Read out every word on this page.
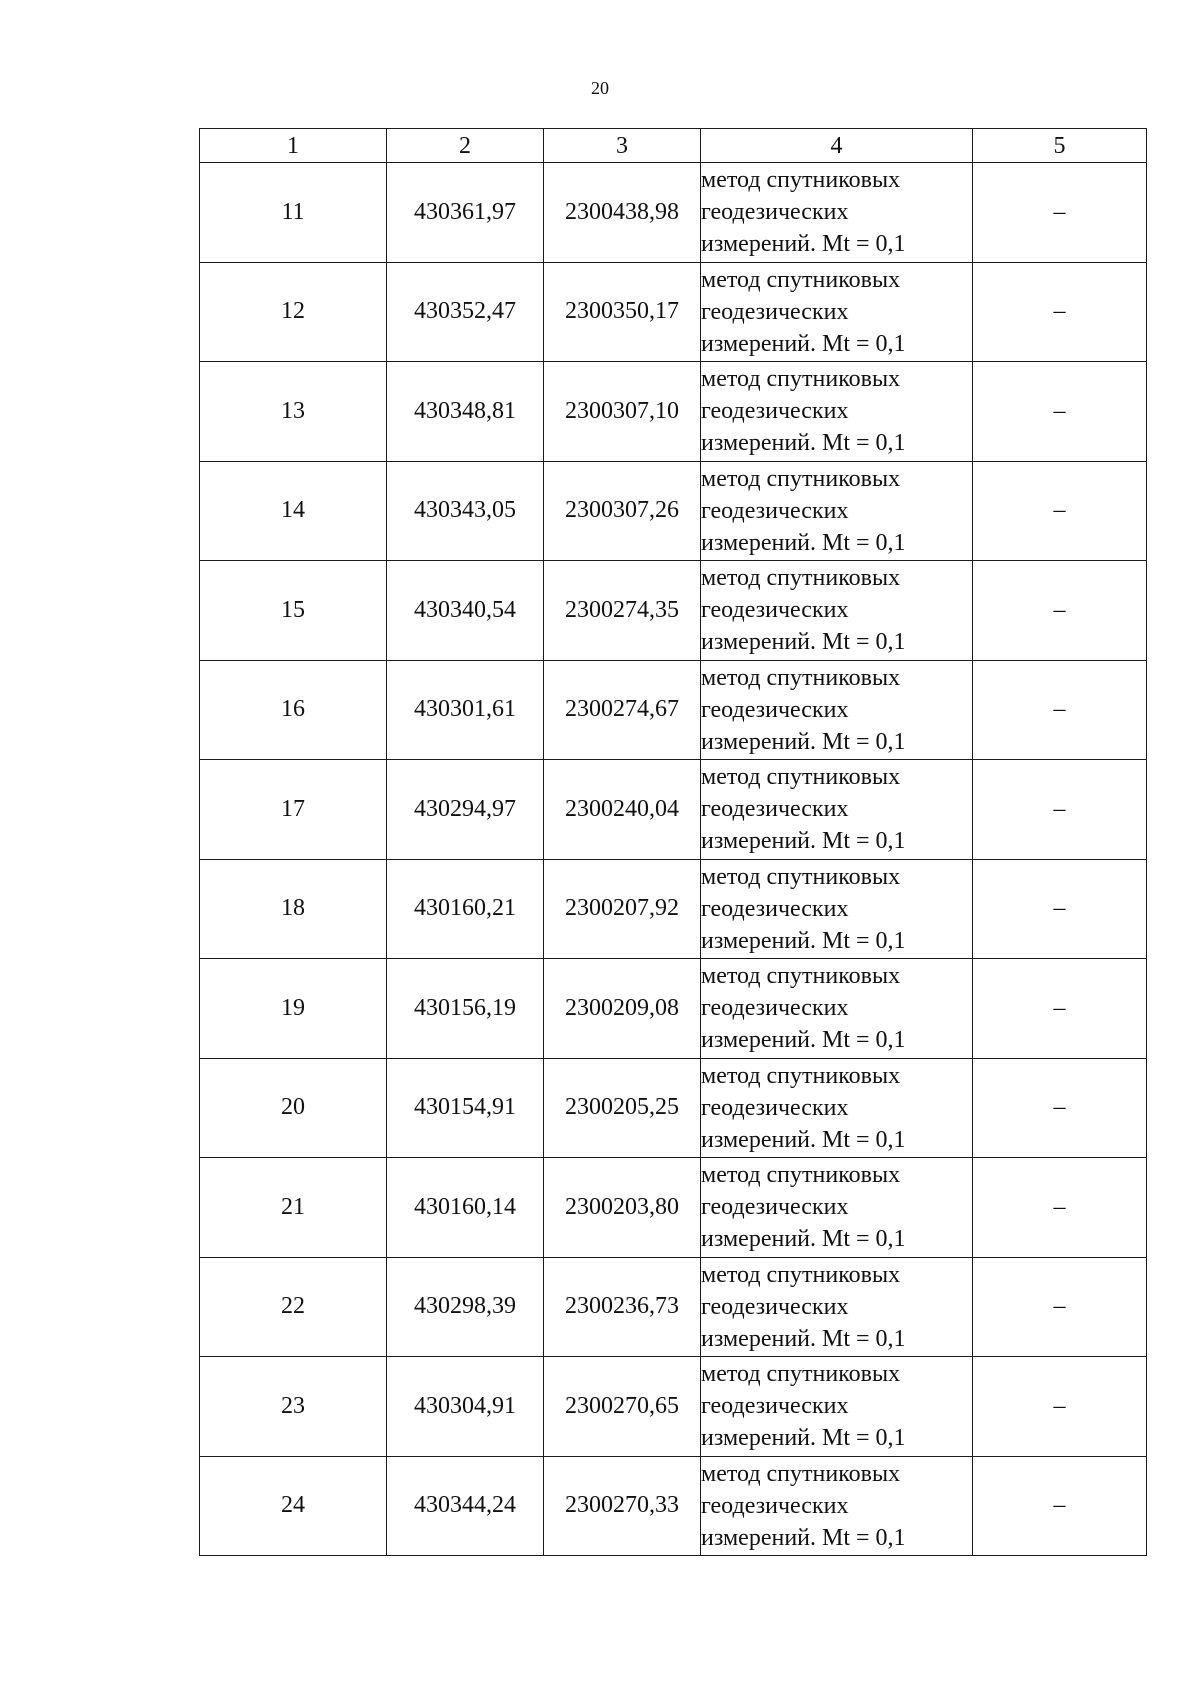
20
1	2	3	4	5
11	430361,97	2300438,98	метод спутниковых
геодезических
измерений. Mt = 0,1	–
12	430352,47	2300350,17	метод спутниковых
геодезических
измерений. Mt = 0,1	–
13	430348,81	2300307,10	метод спутниковых
геодезических
измерений. Mt = 0,1	–
14	430343,05	2300307,26	метод спутниковых
геодезических
измерений. Mt = 0,1	–
15	430340,54	2300274,35	метод спутниковых
геодезических
измерений. Mt = 0,1	–
16	430301,61	2300274,67	метод спутниковых
геодезических
измерений. Mt = 0,1	–
17	430294,97	2300240,04	метод спутниковых
геодезических
измерений. Mt = 0,1	–
18	430160,21	2300207,92	метод спутниковых
геодезических
измерений. Mt = 0,1	–
19	430156,19	2300209,08	метод спутниковых
геодезических
измерений. Mt = 0,1	–
20	430154,91	2300205,25	метод спутниковых
геодезических
измерений. Mt = 0,1	–
21	430160,14	2300203,80	метод спутниковых
геодезических
измерений. Mt = 0,1	–
22	430298,39	2300236,73	метод спутниковых
геодезических
измерений. Mt = 0,1	–
23	430304,91	2300270,65	метод спутниковых
геодезических
измерений. Mt = 0,1	–
24	430344,24	2300270,33	метод спутниковых
геодезических
измерений. Mt = 0,1	–
